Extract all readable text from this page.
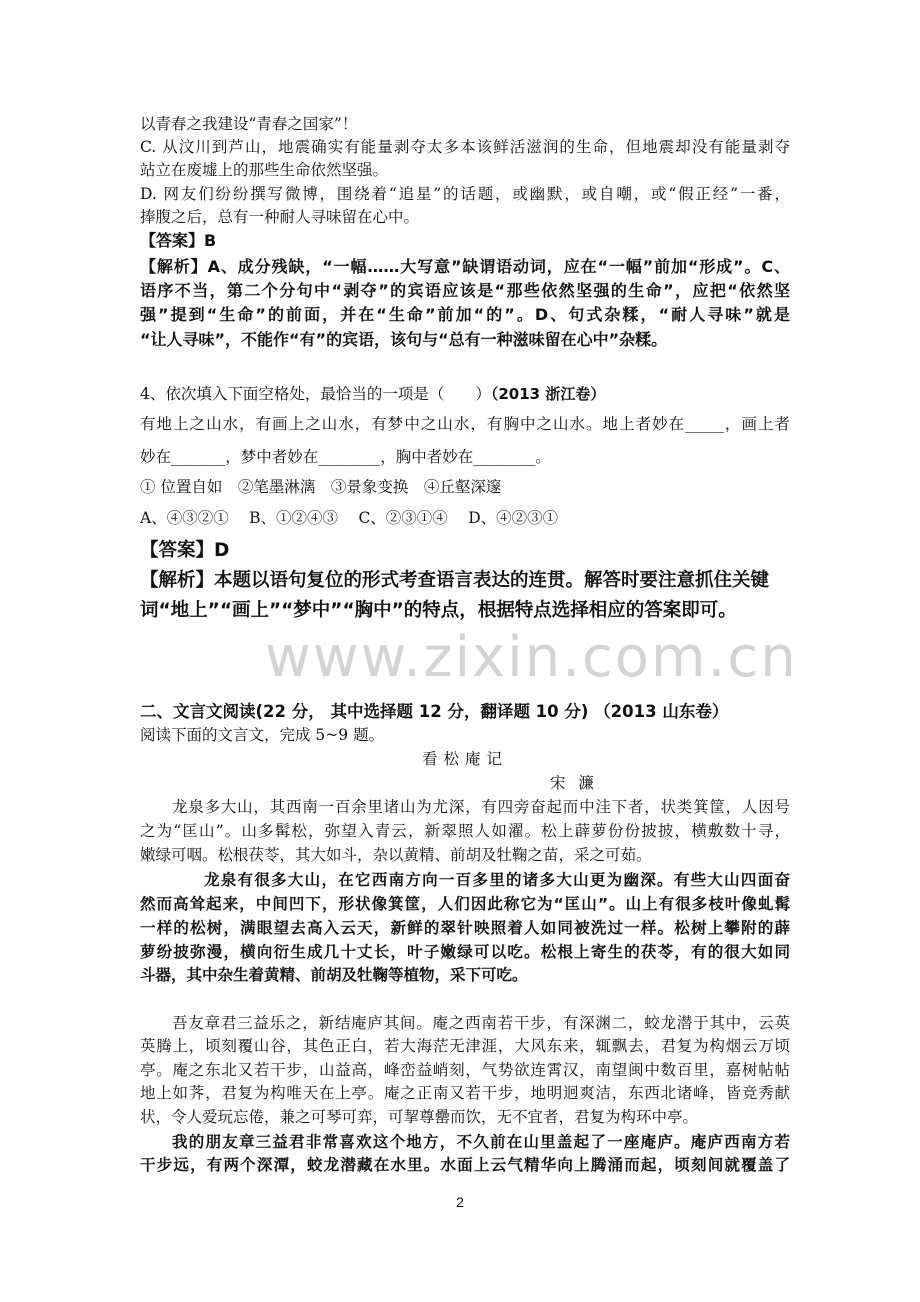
以青春之我建设“青春之国家”！
C. 从汶川到芦山，地震确实有能量剥夺太多本该鲜活滋润的生命，但地震却没有能量剥夺
站立在废墟上的那些生命依然坚强。
D. 网友们纷纷撰写微博，围绕着“追星”的话题，或幽默，或自嘲，或“假正经”一番，
捧腹之后，总有一种耐人寻味留在心中。
【答案】B
【解析】A、成分残缺，“一幅……大写意”缺谓语动词，应在“一幅”前加“形成”。C、
语序不当，第二个分句中“剥夺”的宾语应该是“那些依然坚强的生命”，应把“依然坚
强”提到“生命”的前面，并在“生命”前加“的”。D、句式杂糅，“耐人寻味”就是
“让人寻味”，不能作“有”的宾语，该句与“总有一种滋味留在心中”杂糅。
4、依次填入下面空格处，最恰当的一项是（　　）（2013 浙江卷）
有地上之山水，有画上之山水，有梦中之山水，有胸中之山水。地上者妙在_____，画上者
妙在_______，梦中者妙在________，胸中者妙在________。
① 位置自如　②笔墨淋漓　③景象变换　④丘壑深邃
A、④③②①　 B、①②④③　 C、②③①④　 D、④②③①
【答案】D
【解析】本题以语句复位的形式考查语言表达的连贯。解答时要注意抓住关键
词“地上”“画上”“梦中”“胸中”的特点，根据特点选择相应的答案即可。
www.zixin.com.cn
二、文言文阅读(22 分， 其中选择题 12 分，翻译题 10 分) （2013 山东卷）
阅读下面的文言文，完成 5~9 题。
看松庵记
宋 濂
龙泉多大山，其西南一百余里诸山为尤深，有四旁奋起而中洼下者，状类箕筐，人因号
之为“匡山”。山多髯松，弥望入青云，新翠照人如濯。松上薜萝份份披披，横敷数十寻，
嫩绿可咽。松根茯苓，其大如斗，杂以黄精、前胡及牡鞠之苗，采之可茹。
龙泉有很多大山，在它西南方向一百多里的诸多大山更为幽深。有些大山四面奋
然而高耸起来，中间凹下，形状像箕筐，人们因此称它为“匡山”。山上有很多枝叶像虬髯
一样的松树，满眼望去高入云天，新鲜的翠针映照着人如同被洗过一样。松树上攀附的薜
萝纷披弥漫，横向衍生成几十丈长，叶子嫩绿可以吃。松根上寄生的茯苓，有的很大如同
斗器，其中杂生着黄精、前胡及牡鞠等植物，采下可吃。
吾友章君三益乐之，新结庵庐其间。庵之西南若干步，有深渊二，蛟龙潜于其中，云英
英腾上，顷刻覆山谷，其色正白，若大海茫无津涯，大风东来，辄飘去，君复为构烟云万顷
亭。庵之东北又若干步，山益高，峰峦益峭刻，气势欲连霄汉，南望闽中数百里，嘉树帖帖
地上如荠，君复为构唯天在上亭。庵之正南又若干步，地明迥爽洁，东西北诸峰，皆竞秀献
状，令人爱玩忘倦，兼之可琴可弈，可挈尊罍而饮，无不宜者，君复为构环中亭。
我的朋友章三益君非常喜欢这个地方，不久前在山里盖起了一座庵庐。庵庐西南方若
干步远，有两个深潭，蛟龙潜藏在水里。水面上云气精华向上腾涌而起，顷刻间就覆盖了
2
